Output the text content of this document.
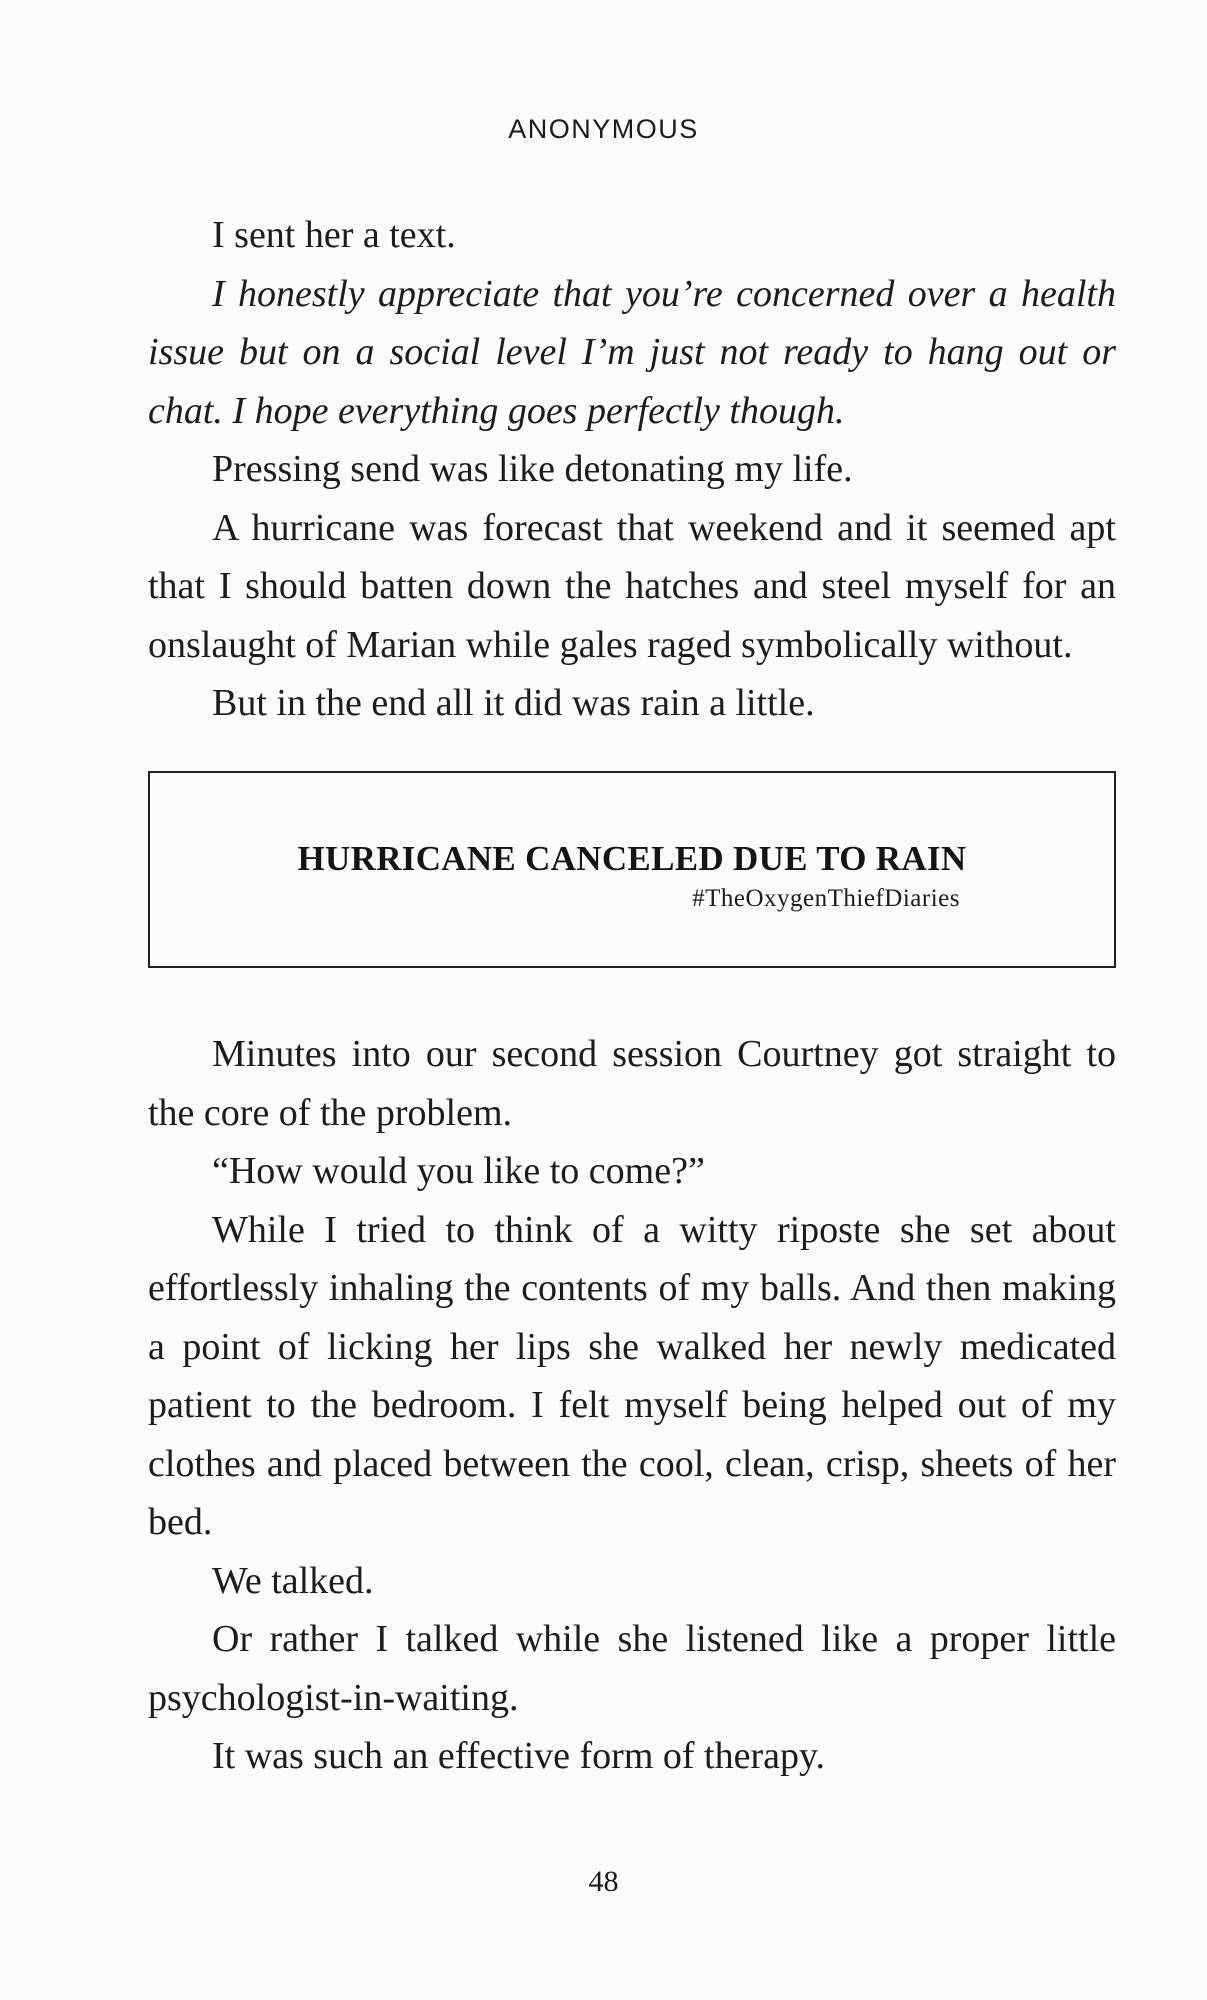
ANONYMOUS

I sent her a text.

I honestly appreciate that you’re concerned over a health issue but on a social level I’m just not ready to hang out or chat. I hope everything goes perfectly though.

Pressing send was like detonating my life.

A hurricane was forecast that weekend and it seemed apt that I should batten down the hatches and steel myself for an onslaught of Marian while gales raged symbolically without.

But in the end all it did was rain a little.

HURRICANE CANCELED DUE TO RAIN
#TheOxygenThiefDiaries

Minutes into our second session Courtney got straight to the core of the problem.

“How would you like to come?”

While I tried to think of a witty riposte she set about effortlessly inhaling the contents of my balls. And then making a point of licking her lips she walked her newly medicated patient to the bedroom. I felt myself being helped out of my clothes and placed between the cool, clean, crisp, sheets of her bed.

We talked.

Or rather I talked while she listened like a proper little psychologist-in-waiting.

It was such an effective form of therapy.

48
